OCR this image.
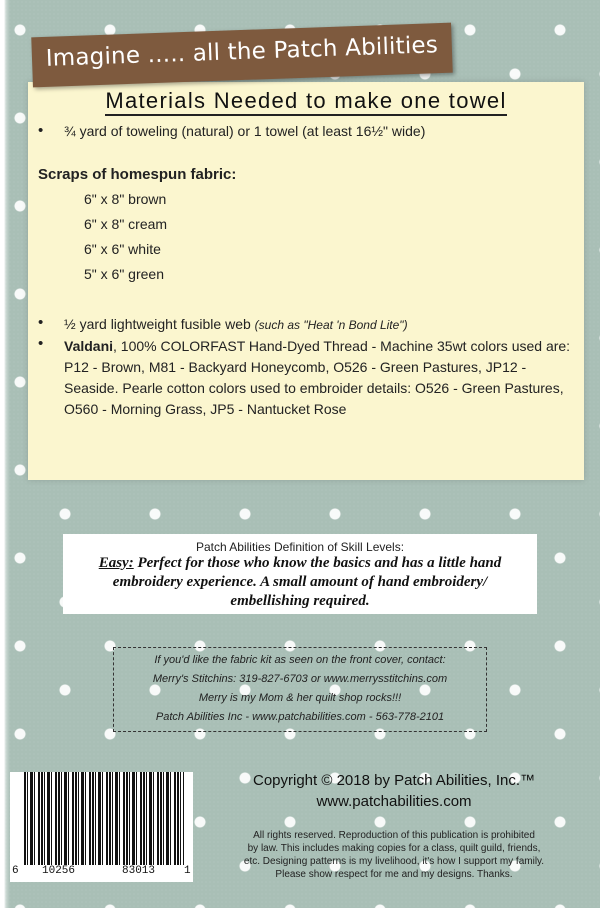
Materials Needed to make one towel
• ¾ yard of toweling (natural) or 1 towel (at least 16½" wide)
Scraps of homespun fabric:
6" x 8" brown
6" x 8" cream
6" x 6" white
5" x 6" green
• ½ yard lightweight fusible web (such as "Heat 'n Bond Lite")
• Valdani, 100% COLORFAST Hand-Dyed Thread - Machine 35wt colors used are: P12 - Brown, M81 - Backyard Honeycomb, O526 - Green Pastures, JP12 - Seaside. Pearle cotton colors used to embroider details: O526 - Green Pastures, O560 - Morning Grass, JP5 - Nantucket Rose
Imagine ..... all the Patch Abilities
Patch Abilities Definition of Skill Levels:
Easy: Perfect for those who know the basics and has a little hand embroidery experience. A small amount of hand embroidery/ embellishing required.
If you'd like the fabric kit as seen on the front cover, contact:
Merry's Stitchins: 319-827-6703 or www.merrysstitchins.com
Merry is my Mom & her quilt shop rocks!!!
Patch Abilities Inc - www.patchabilities.com - 563-778-2101
6 10256	83013	1
Copyright © 2018 by Patch Abilities, Inc.™
www.patchabilities.com
All rights reserved. Reproduction of this publication is prohibited
by law. This includes making copies for a class, quilt guild, friends,
etc. Designing patterns is my livelihood, it's how I support my family.
Please show respect for me and my designs. Thanks.
